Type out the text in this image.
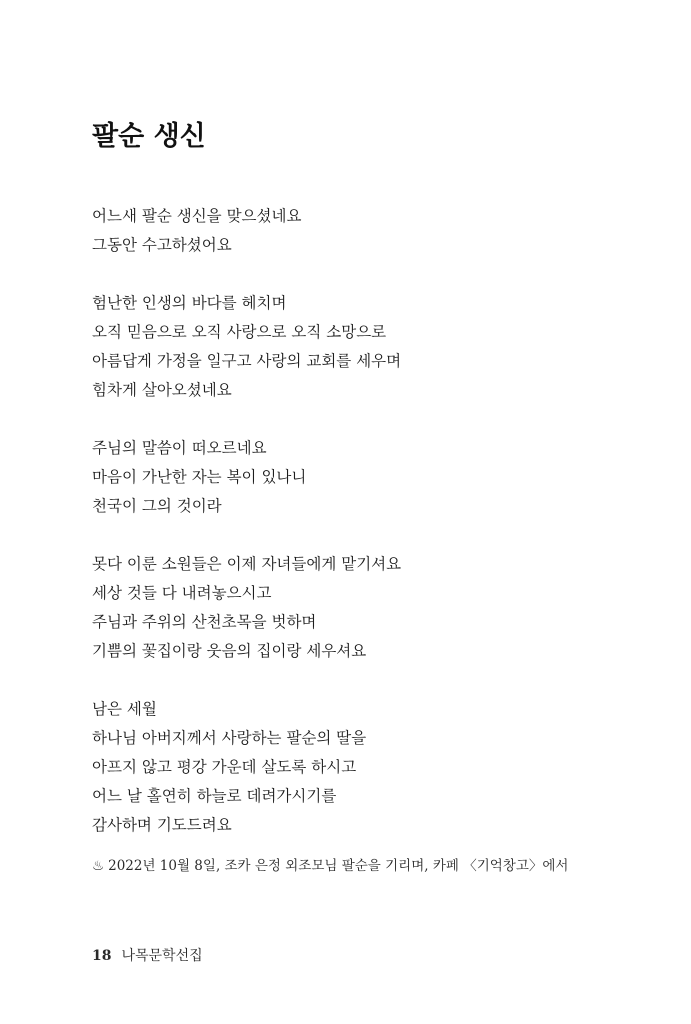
팔순 생신
어느새 팔순 생신을 맞으셨네요
그동안 수고하셨어요
험난한 인생의 바다를 헤치며
오직 믿음으로 오직 사랑으로 오직 소망으로
아름답게 가정을 일구고 사랑의 교회를 세우며
힘차게 살아오셨네요
주님의 말씀이 떠오르네요
마음이 가난한 자는 복이 있나니
천국이 그의 것이라
못다 이룬 소원들은 이제 자녀들에게 맡기셔요
세상 것들 다 내려놓으시고
주님과 주위의 산천초목을 벗하며
기쁨의 꽃집이랑 웃음의 집이랑 세우셔요
남은 세월
하나님 아버지께서 사랑하는 팔순의 딸을
아프지 않고 평강 가운데 살도록 하시고
어느 날 홀연히 하늘로 데려가시기를
감사하며 기도드려요
♨ 2022년 10월 8일, 조카 은정 외조모님 팔순을 기리며, 카페 〈기억창고〉에서
18 나목문학선집
